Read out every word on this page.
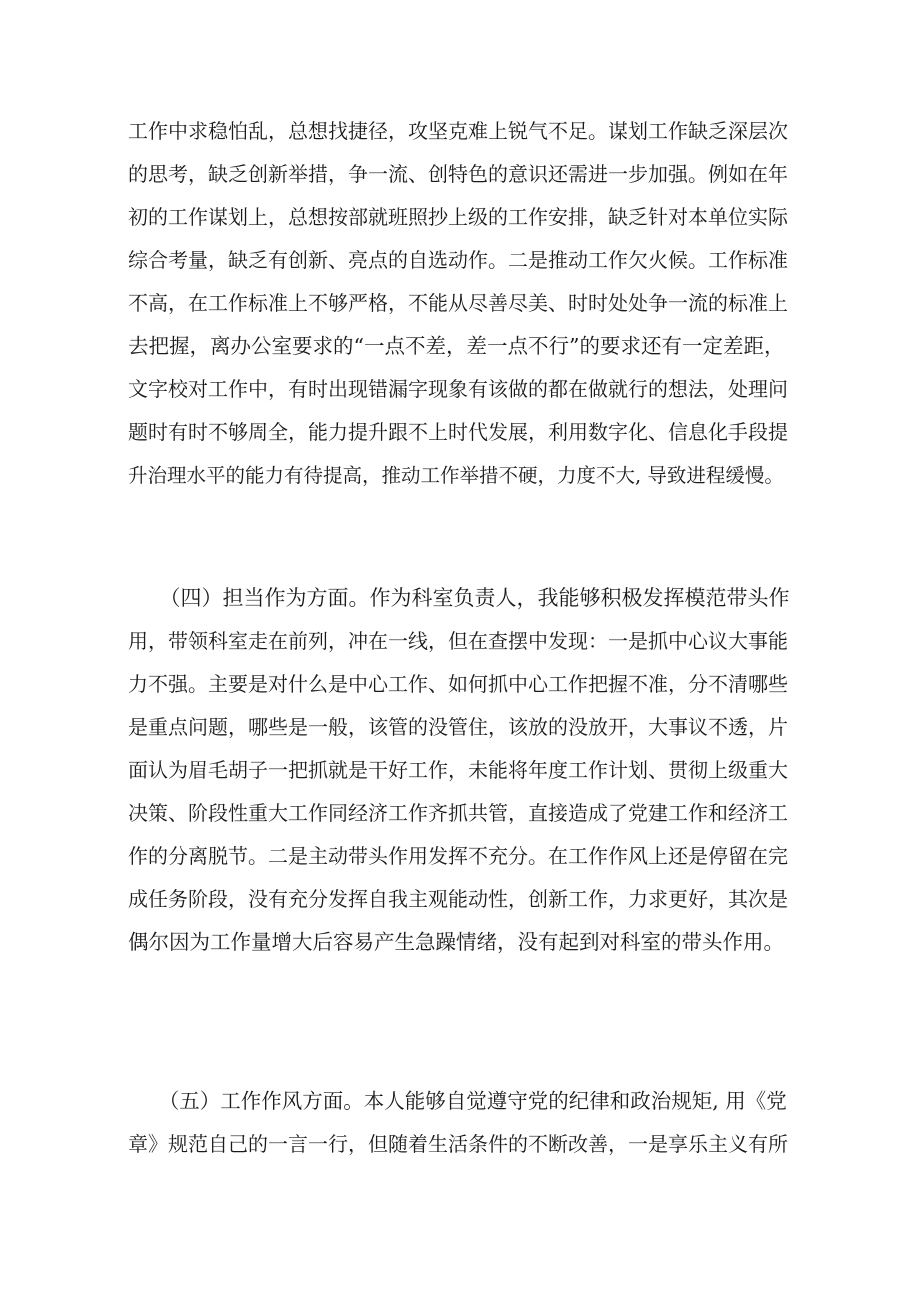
工作中求稳怕乱，总想找捷径，攻坚克难上锐气不足。谋划工作缺乏深层次
的思考，缺乏创新举措，争一流、创特色的意识还需进一步加强。例如在年
初的工作谋划上，总想按部就班照抄上级的工作安排，缺乏针对本单位实际
综合考量，缺乏有创新、亮点的自选动作。二是推动工作欠火候。工作标准
不高，在工作标准上不够严格，不能从尽善尽美、时时处处争一流的标准上
去把握，离办公室要求的“一点不差，差一点不行”的要求还有一定差距，
文字校对工作中，有时出现错漏字现象有该做的都在做就行的想法，处理问
题时有时不够周全，能力提升跟不上时代发展，利用数字化、信息化手段提
升治理水平的能力有待提高，推动工作举措不硬，力度不大, 导致进程缓慢。
　　（四）担当作为方面。作为科室负责人，我能够积极发挥模范带头作
用，带领科室走在前列，冲在一线，但在查摆中发现：一是抓中心议大事能
力不强。主要是对什么是中心工作、如何抓中心工作把握不准，分不清哪些
是重点问题，哪些是一般，该管的没管住，该放的没放开，大事议不透，片
面认为眉毛胡子一把抓就是干好工作，未能将年度工作计划、贯彻上级重大
决策、阶段性重大工作同经济工作齐抓共管，直接造成了党建工作和经济工
作的分离脱节。二是主动带头作用发挥不充分。在工作作风上还是停留在完
成任务阶段，没有充分发挥自我主观能动性，创新工作，力求更好，其次是
偶尔因为工作量增大后容易产生急躁情绪，没有起到对科室的带头作用。
　　（五）工作作风方面。本人能够自觉遵守党的纪律和政治规矩, 用《党
章》规范自己的一言一行，但随着生活条件的不断改善，一是享乐主义有所
